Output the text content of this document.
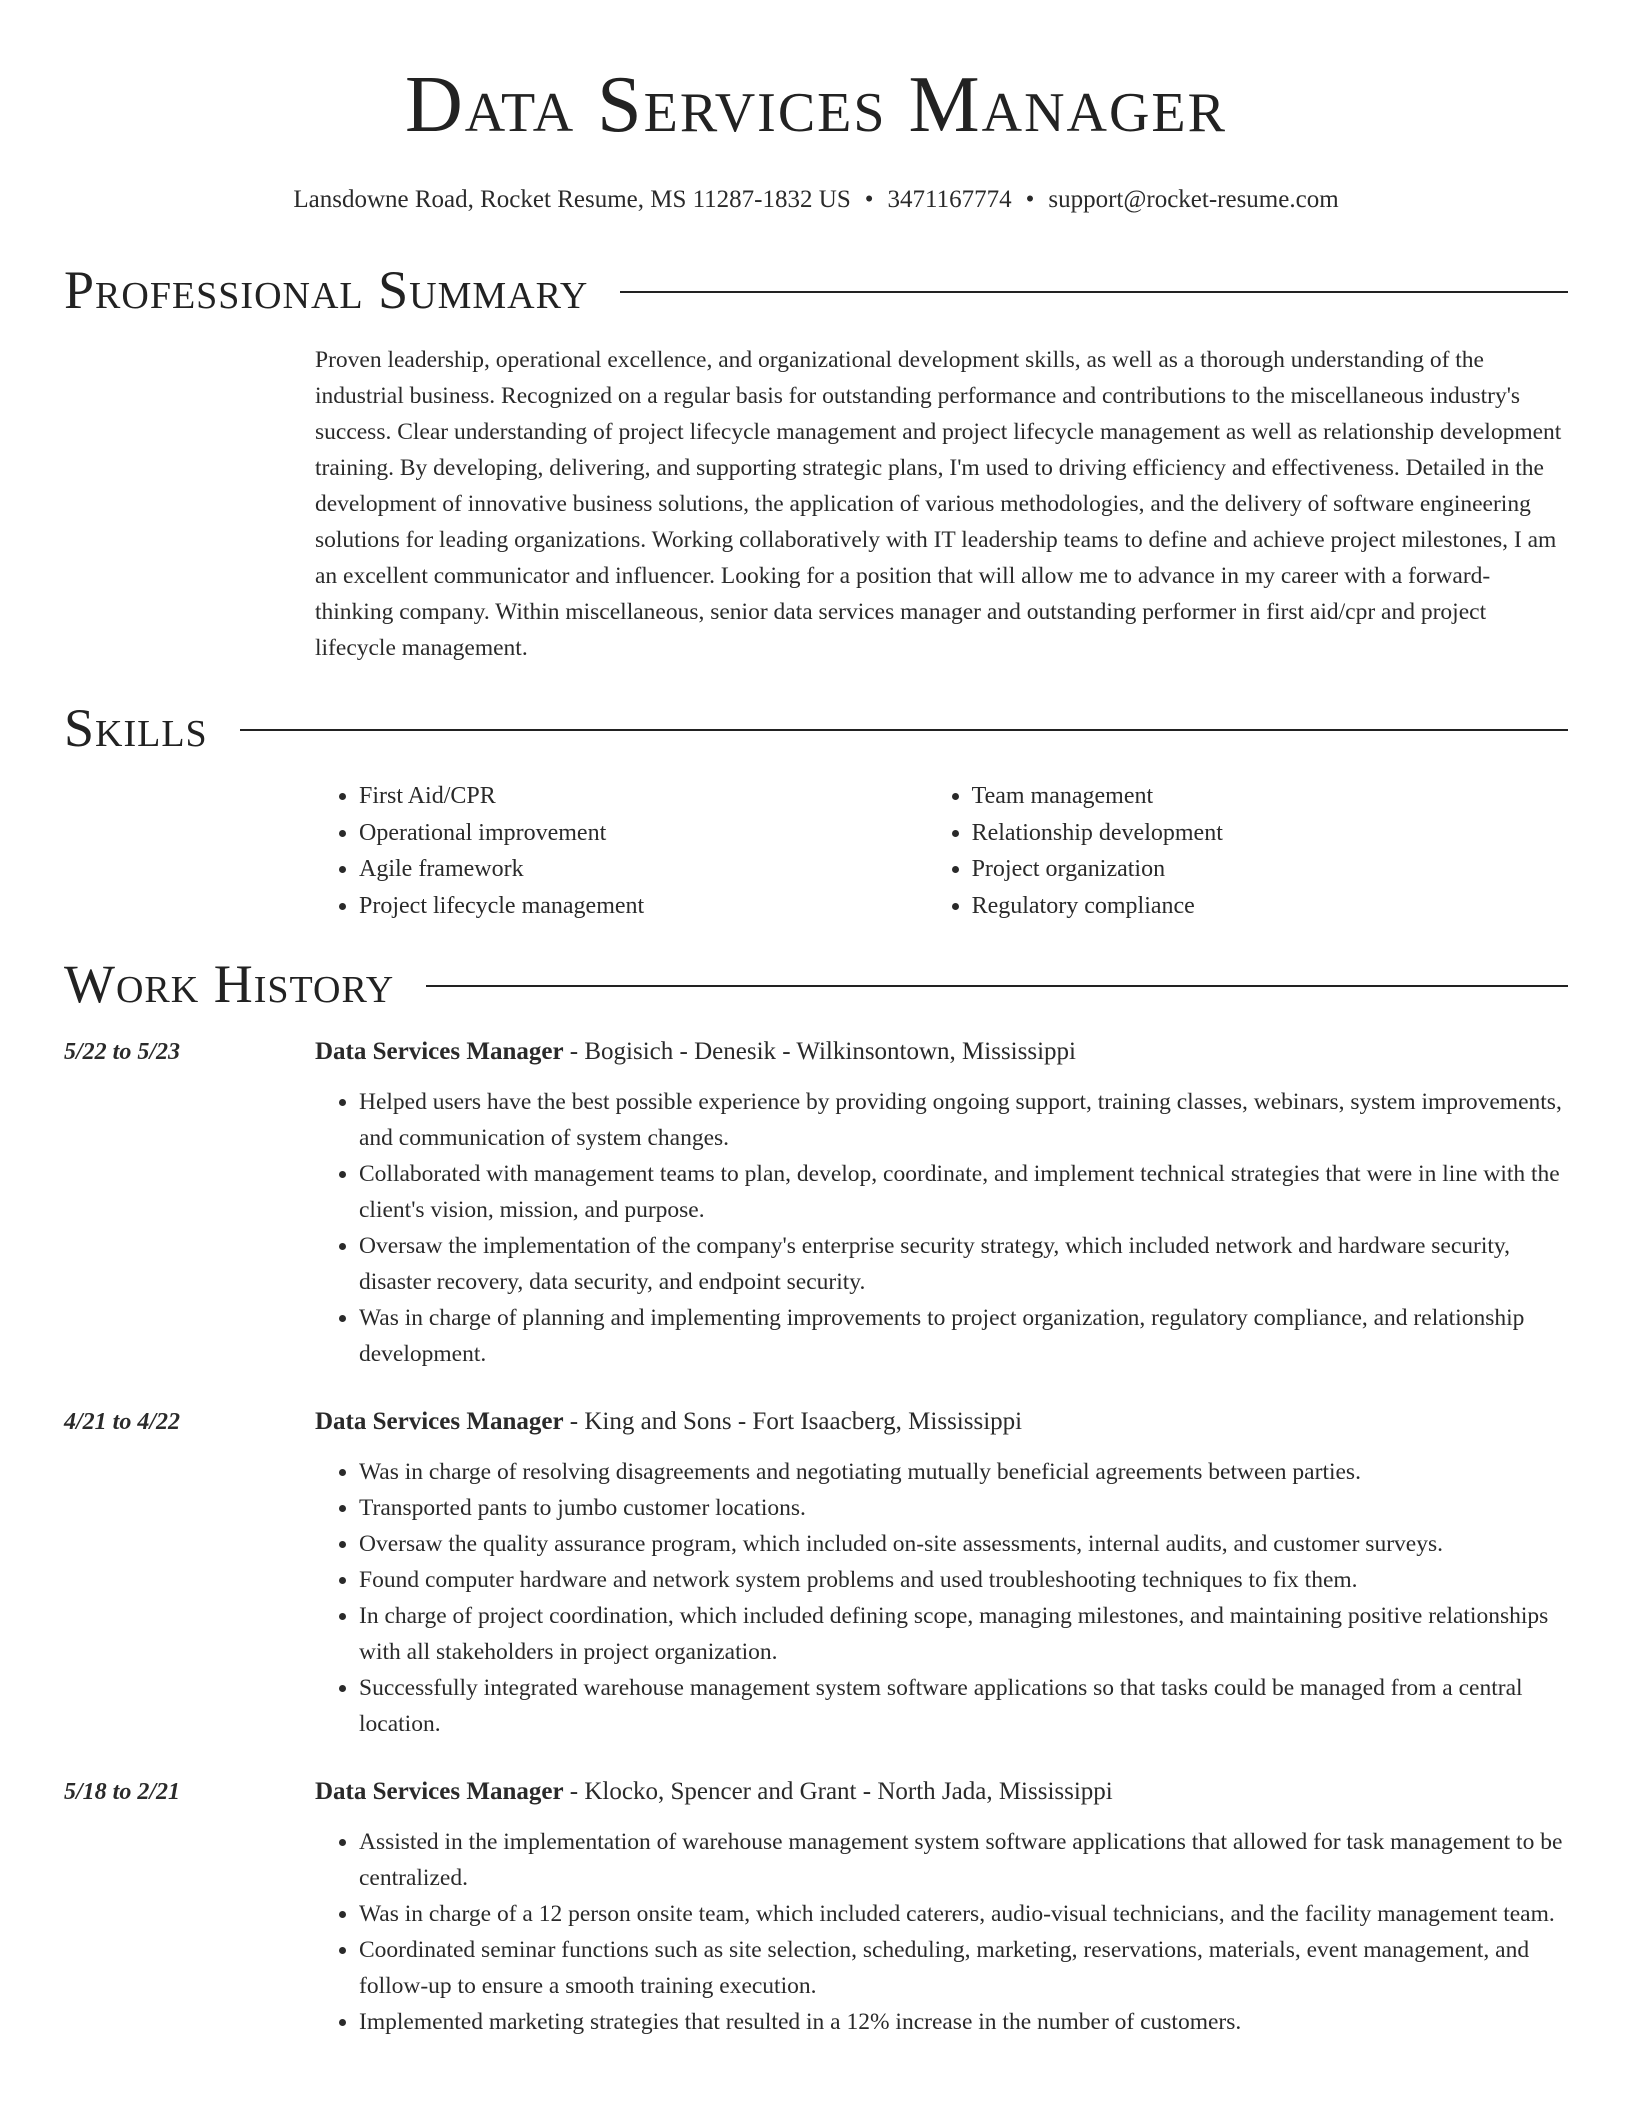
Data Services Manager
Lansdowne Road, Rocket Resume, MS 11287-1832 US • 3471167774 • support@rocket-resume.com
Professional Summary
Proven leadership, operational excellence, and organizational development skills, as well as a thorough understanding of the industrial business. Recognized on a regular basis for outstanding performance and contributions to the miscellaneous industry's success. Clear understanding of project lifecycle management and project lifecycle management as well as relationship development training. By developing, delivering, and supporting strategic plans, I'm used to driving efficiency and effectiveness. Detailed in the development of innovative business solutions, the application of various methodologies, and the delivery of software engineering solutions for leading organizations. Working collaboratively with IT leadership teams to define and achieve project milestones, I am an excellent communicator and influencer. Looking for a position that will allow me to advance in my career with a forward-thinking company. Within miscellaneous, senior data services manager and outstanding performer in first aid/cpr and project lifecycle management.
Skills
• First Aid/CPR
• Operational improvement
• Agile framework
• Project lifecycle management
• Team management
• Relationship development
• Project organization
• Regulatory compliance
Work History
5/22 to 5/23	Data Services Manager - Bogisich - Denesik - Wilkinsontown, Mississippi
• Helped users have the best possible experience by providing ongoing support, training classes, webinars, system improvements, and communication of system changes.
• Collaborated with management teams to plan, develop, coordinate, and implement technical strategies that were in line with the client's vision, mission, and purpose.
• Oversaw the implementation of the company's enterprise security strategy, which included network and hardware security, disaster recovery, data security, and endpoint security.
• Was in charge of planning and implementing improvements to project organization, regulatory compliance, and relationship development.
4/21 to 4/22	Data Services Manager - King and Sons - Fort Isaacberg, Mississippi
• Was in charge of resolving disagreements and negotiating mutually beneficial agreements between parties.
• Transported pants to jumbo customer locations.
• Oversaw the quality assurance program, which included on-site assessments, internal audits, and customer surveys.
• Found computer hardware and network system problems and used troubleshooting techniques to fix them.
• In charge of project coordination, which included defining scope, managing milestones, and maintaining positive relationships with all stakeholders in project organization.
• Successfully integrated warehouse management system software applications so that tasks could be managed from a central location.
5/18 to 2/21	Data Services Manager - Klocko, Spencer and Grant - North Jada, Mississippi
• Assisted in the implementation of warehouse management system software applications that allowed for task management to be centralized.
• Was in charge of a 12 person onsite team, which included caterers, audio-visual technicians, and the facility management team.
• Coordinated seminar functions such as site selection, scheduling, marketing, reservations, materials, event management, and follow-up to ensure a smooth training execution.
• Implemented marketing strategies that resulted in a 12% increase in the number of customers.
